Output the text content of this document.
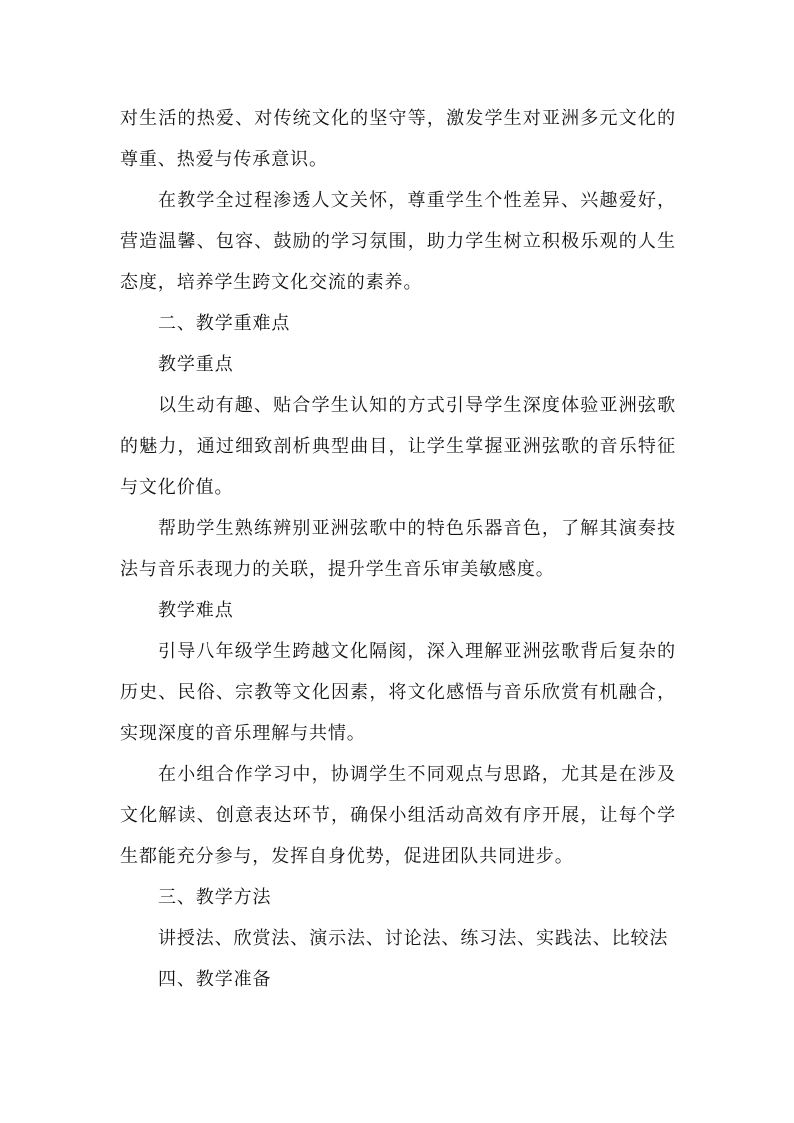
对生活的热爱、对传统文化的坚守等，激发学生对亚洲多元文化的尊重、热爱与传承意识。

在教学全过程渗透人文关怀，尊重学生个性差异、兴趣爱好，营造温馨、包容、鼓励的学习氛围，助力学生树立积极乐观的人生态度，培养学生跨文化交流的素养。

二、教学重难点

教学重点

以生动有趣、贴合学生认知的方式引导学生深度体验亚洲弦歌的魅力，通过细致剖析典型曲目，让学生掌握亚洲弦歌的音乐特征与文化价值。

帮助学生熟练辨别亚洲弦歌中的特色乐器音色，了解其演奏技法与音乐表现力的关联，提升学生音乐审美敏感度。

教学难点

引导八年级学生跨越文化隔阂，深入理解亚洲弦歌背后复杂的历史、民俗、宗教等文化因素，将文化感悟与音乐欣赏有机融合，实现深度的音乐理解与共情。

在小组合作学习中，协调学生不同观点与思路，尤其是在涉及文化解读、创意表达环节，确保小组活动高效有序开展，让每个学生都能充分参与，发挥自身优势，促进团队共同进步。

三、教学方法

讲授法、欣赏法、演示法、讨论法、练习法、实践法、比较法

四、教学准备
